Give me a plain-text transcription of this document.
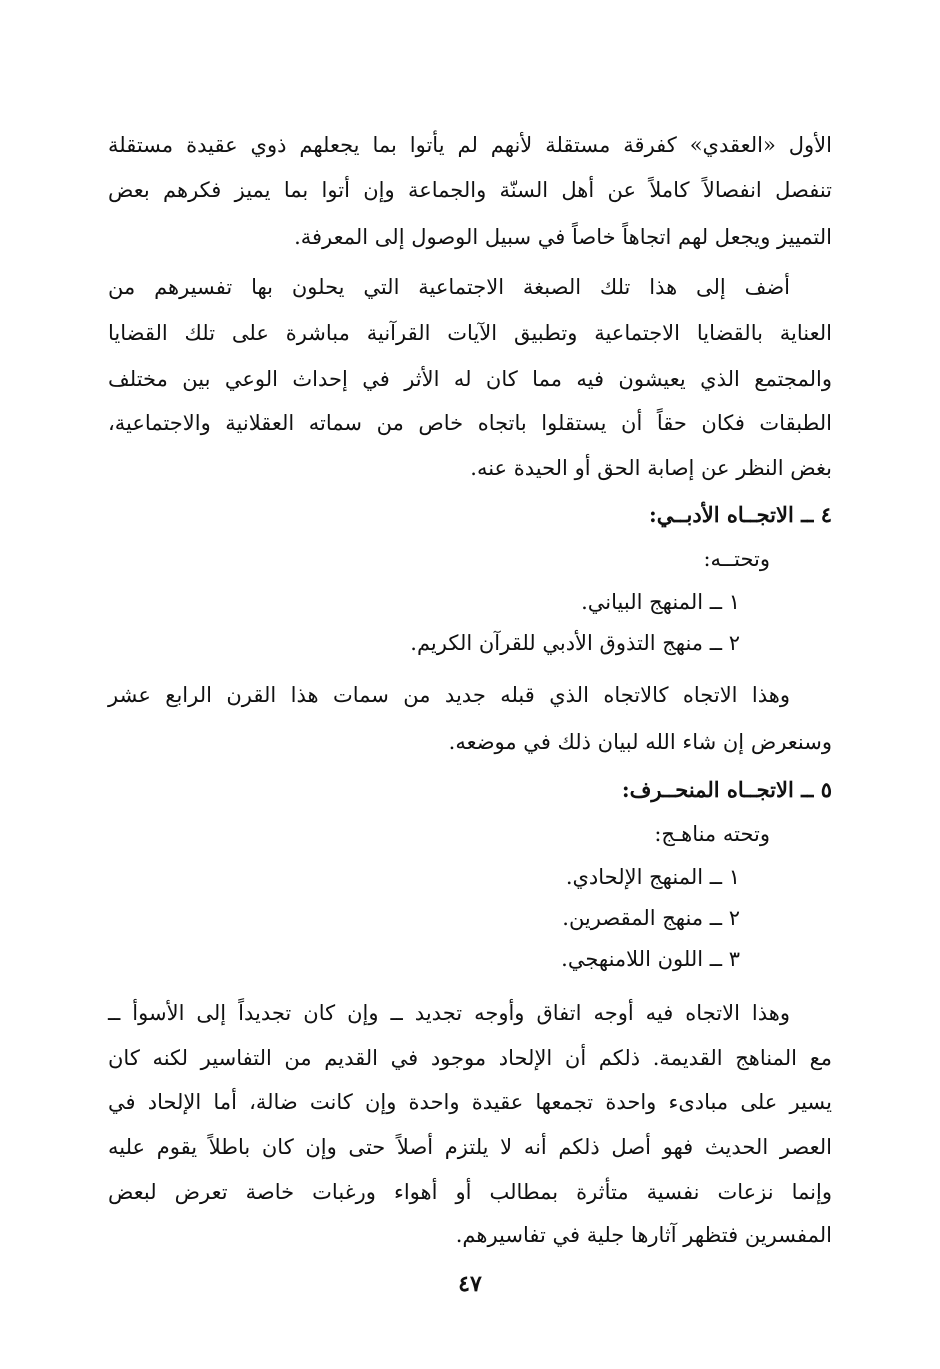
الأول «العقدي» كفرقة مستقلة لأنهم لم يأتوا بما يجعلهم ذوي عقيدة مستقلة
تنفصل انفصالاً كاملاً عن أهل السنّة والجماعة وإن أتوا بما يميز فكرهم بعض
التمييز ويجعل لهم اتجاهاً خاصاً في سبيل الوصول إلى المعرفة.
أضف إلى هذا تلك الصبغة الاجتماعية التي يحلون بها تفسيرهم من
العناية بالقضايا الاجتماعية وتطبيق الآيات القرآنية مباشرة على تلك القضايا
والمجتمع الذي يعيشون فيه مما كان له الأثر في إحداث الوعي بين مختلف
الطبقات فكان حقاً أن يستقلوا باتجاه خاص من سماته العقلانية والاجتماعية،
بغض النظر عن إصابة الحق أو الحيدة عنه.
٤ ــ الاتجــاه الأدبــي:
وتحتــه:
١ ــ المنهج البياني.
٢ ــ منهج التذوق الأدبي للقرآن الكريم.
وهذا الاتجاه كالاتجاه الذي قبله جديد من سمات هذا القرن الرابع عشر
وسنعرض إن شاء الله لبيان ذلك في موضعه.
٥ ــ الاتجــاه المنحــرف:
وتحته مناهـج:
١ ــ المنهج الإلحادي.
٢ ــ منهج المقصرين.
٣ ــ اللون اللامنهجي.
وهذا الاتجاه فيه أوجه اتفاق وأوجه تجديد ــ وإن كان تجديداً إلى الأسوأ ــ
مع المناهج القديمة. ذلكم أن الإلحاد موجود في القديم من التفاسير لكنه كان
يسير على مبادىء واحدة تجمعها عقيدة واحدة وإن كانت ضالة، أما الإلحاد في
العصر الحديث فهو أصل ذلكم أنه لا يلتزم أصلاً حتى وإن كان باطلاً يقوم عليه
وإنما نزعات نفسية متأثرة بمطالب أو أهواء ورغبات خاصة تعرض لبعض
المفسرين فتظهر آثارها جلية في تفاسيرهم.
٤٧
